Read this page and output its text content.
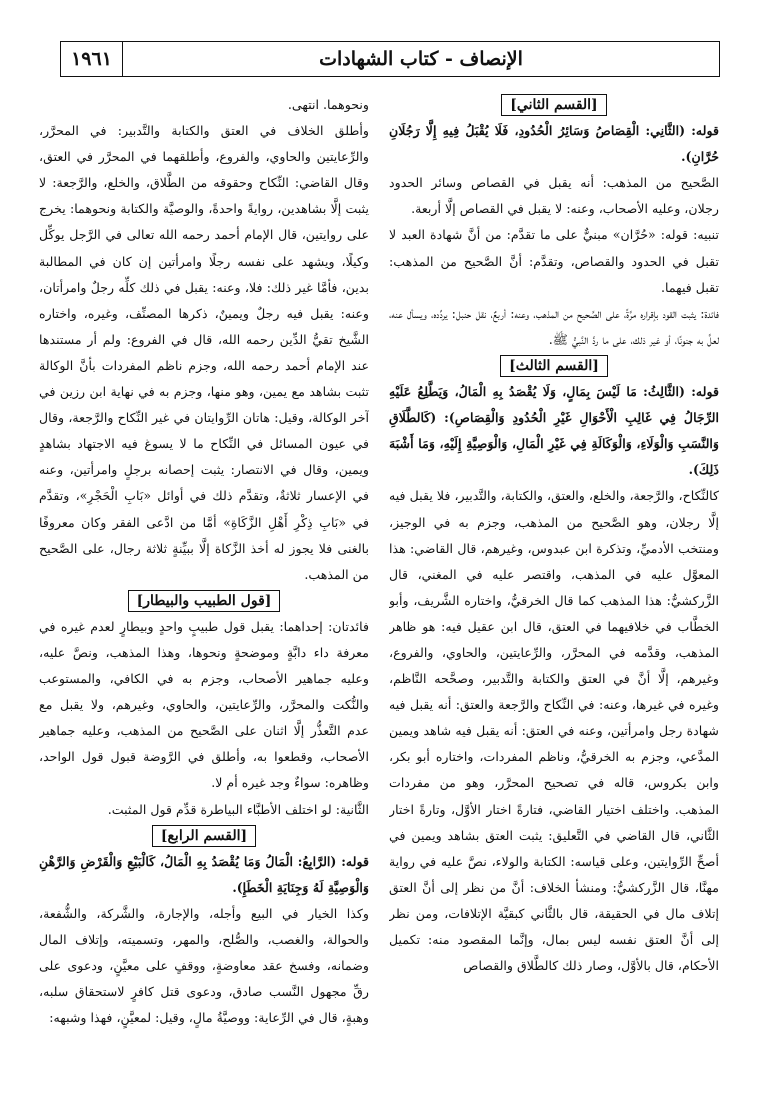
١٩٦١	الإنصاف - كتاب الشهادات

[القسم الثاني]

قوله: (الثَّانِي: الْقِصَاصُ وَسَائِرُ الْحُدُودِ، فَلَا يُقْبَلُ فِيهِ إِلَّا رَجُلَانِ حُرَّانِ).

الصَّحيح من المذهب: أنه يقبل في القصاص وسائر الحدود رجلان، وعليه الأصحاب، وعنه: لا يقبل في القصاص إلَّا أربعة.

تنبيه: قوله: «حُرَّان» مبنيٌّ على ما تقدَّم: من أنَّ شهادة العبد لا تقبل في الحدود والقصاص، وتقدَّم: أنَّ الصَّحيح من المذهب: تقبل فيهما.

فائدة: يثبت القود بإقراره مرَّةً، على الصَّحيح من المذهب، وعنه: أربعٌ، نقل حنبل: يردِّده، ويسأل عنه، لعلَّ به جنونًا، أو غير ذلك، على ما ردَّ النَّبيُّ ﷺ.

[القسم الثالث]

قوله: (الثَّالِثُ: مَا لَيْسَ بِمَالٍ، وَلَا يُقْصَدُ بِهِ الْمَالُ، وَيَطَّلِعُ عَلَيْهِ الرِّجَالُ فِي غَالِبِ الْأَحْوَالِ غَيْرِ الْحُدُودِ وَالْقِصَاصِ): (كَالطَّلَاقِ وَالنَّسَبِ وَالْوَلَاءِ، وَالْوَكَالَةِ فِي غَيْرِ الْمَالِ، وَالْوَصِيَّةِ إِلَيْهِ، وَمَا أَشْبَهَ ذَلِكَ).

كالنِّكاح، والرَّجعة، والخلع، والعتق، والكتابة، والتَّدبير، فلا يقبل فيه إلَّا رجلان، وهو الصَّحيح من المذهب، وجزم به في الوجيز، ومنتخب الأدميِّ، وتذكرة ابن عبدوس، وغيرهم، قال القاضي: هذا المعوَّل عليه في المذهب، واقتصر عليه في المغني، قال الزَّركشيُّ: هذا المذهب كما قال الخرقيُّ، واختاره الشَّريف، وأبو الخطَّاب في خلافيهما في العتق، قال ابن عقيل فيه: هو ظاهر المذهب، وقدَّمه في المحرَّر، والرِّعايتين، والحاوي، والفروع، وغيرهم، إلَّا أنَّ في العتق والكتابة والتَّدبير، وصحَّحه النَّاظم، وغيره في غيرها، وعنه: في النِّكاح والرَّجعة والعتق: أنه يقبل فيه شهادة رجل وامرأتين، وعنه في العتق: أنه يقبل فيه شاهد ويمين المدَّعي، وجزم به الخرقيُّ، وناظم المفردات، واختاره أبو بكر، وابن بكروس، قاله في تصحيح المحرَّر، وهو من مفردات المذهب. واختلف اختيار القاضي، فتارةً اختار الأوَّل، وتارةً اختار الثَّاني، قال القاضي في التَّعليق: يثبت العتق بشاهد ويمين في أصحِّ الرِّوايتين، وعلى قياسه: الكتابة والولاء، نصَّ عليه في رواية مهنَّا، قال الزَّركشيُّ: ومنشأ الخلاف: أنَّ من نظر إلى أنَّ العتق إتلاف مال في الحقيقة، قال بالثَّاني كبقيَّة الإتلافات، ومن نظر إلى أنَّ العتق نفسه ليس بمال، وإنَّما المقصود منه: تكميل الأحكام، قال بالأوَّل، وصار ذلك كالطَّلاق والقصاص

ونحوهما. انتهى.

وأطلق الخلاف في العتق والكتابة والتَّدبير: في المحرَّر، والرِّعايتين والحاوي، والفروع، وأطلقهما في المحرَّر في العتق، وقال القاضي: النِّكاح وحقوقه من الطَّلاق، والخلع، والرَّجعة: لا يثبت إلَّا بشاهدين، روايةً واحدةً، والوصيَّة والكتابة ونحوهما: يخرج على روايتين، قال الإمام أحمد رحمه الله تعالى في الرَّجل يوكِّل وكيلًا، ويشهد على نفسه رجلًا وامرأتين إن كان في المطالبة بدين، فأمَّا غير ذلك: فلا، وعنه: يقبل في ذلك كلِّه رجلٌ وامرأتان، وعنه: يقبل فيه رجلٌ ويمينٌ، ذكرها المصنِّف، وغيره، واختاره الشَّيخ تقيُّ الدِّين رحمه الله، قال في الفروع: ولم أر مستندها عند الإمام أحمد رحمه الله، وجزم ناظم المفردات بأنَّ الوكالة تثبت بشاهد مع يمين، وهو منها، وجزم به في نهاية ابن رزين في آخر الوكالة، وقيل: هاتان الرِّوايتان في غير النِّكاح والرَّجعة، وقال في عيون المسائل في النِّكاح ما لا يسوغ فيه الاجتهاد بشاهدٍ ويمين، وقال في الانتصار: يثبت إحصانه برجلٍ وامرأتين، وعنه في الإعسار ثلاثةٌ، وتقدَّم ذلك في أوائل «بَابِ الْحَجْرِ»، وتقدَّم في «بَابِ ذِكْرِ أَهْلِ الزَّكَاةِ» أمَّا من ادَّعى الفقر وكان معروفًا بالغنى فلا يجوز له أخذ الزَّكاة إلَّا ببيِّنةٍ ثلاثة رجال، على الصَّحيح من المذهب.

[قول الطبيب والبيطار]

فائدتان: إحداهما: يقبل قول طبيبٍ واحدٍ وبيطارٍ لعدم غيره في معرفة داء دابَّةٍ وموضحةٍ ونحوها، وهذا المذهب، ونصَّ عليه، وعليه جماهير الأصحاب، وجزم به في الكافي، والمستوعب والنُّكت والمحرَّر، والرِّعايتين، والحاوي، وغيرهم، ولا يقبل مع عدم التَّعذُّر إلَّا اثنان على الصَّحيح من المذهب، وعليه جماهير الأصحاب، وقطعوا به، وأطلق في الرَّوضة قبول قول الواحد، وظاهره: سواءٌ وجد غيره أم لا.

الثَّانية: لو اختلف الأطبَّاء البياطرة قدِّم قول المثبت.

[القسم الرابع]

قوله: (الرَّابِعُ: الْمَالُ وَمَا يُقْصَدُ بِهِ الْمَالُ، كَالْبَيْعِ وَالْقَرْضِ وَالرَّهْنِ وَالْوَصِيَّةِ لَهُ وَجِنَايَةِ الْخَطَإِ).

وكذا الخيار في البيع وأجله، والإجارة، والشَّركة، والشُّفعة، والحوالة، والغصب، والصُّلح، والمهر، وتسميته، وإتلاف المال وضمانه، وفسخ عقد معاوضةٍ، ووقفٍ على معيَّنٍ، ودعوى على رقِّ مجهول النَّسب صادق، ودعوى قتل كافرٍ لاستحقاق سلبه، وهبةٍ، قال في الرِّعاية: ووصيَّةُ مالٍ، وقيل: لمعيَّنٍ، فهذا وشبهه:
